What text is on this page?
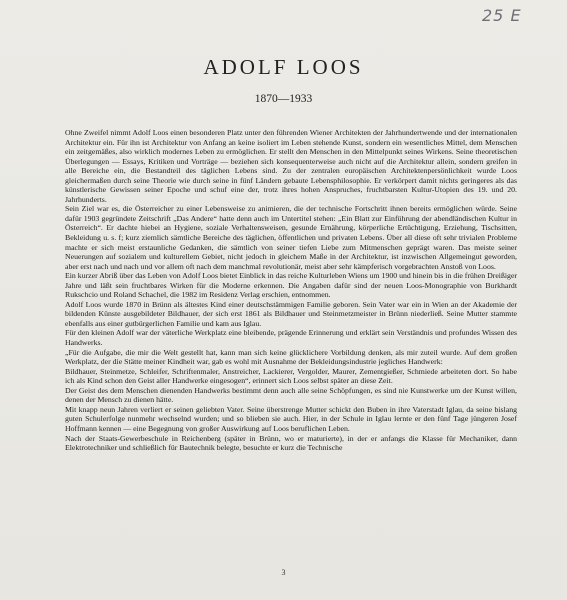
25 E
ADOLF LOOS
1870—1933

Ohne Zweifel nimmt Adolf Loos einen besonderen Platz unter den führenden Wiener Architekten der Jahrhundertwende und der internationalen Architektur ein. Für ihn ist Architektur von Anfang an keine isoliert im Leben stehende Kunst, sondern ein wesentliches Mittel, dem Menschen ein zeitgemäßes, also wirklich modernes Leben zu ermöglichen. Er stellt den Menschen in den Mittelpunkt seines Wirkens. Seine theoretischen Überlegungen — Essays, Kritiken und Vorträge — beziehen sich konsequenterweise auch nicht auf die Architektur allein, sondern greifen in alle Bereiche ein, die Bestandteil des täglichen Lebens sind. Zu der zentralen europäischen Architektenpersönlichkeit wurde Loos gleichermaßen durch seine Theorie wie durch seine in fünf Ländern gebaute Lebensphilosophie. Er verkörpert damit nichts geringeres als das künstlerische Gewissen seiner Epoche und schuf eine der, trotz ihres hohen Anspruches, fruchtbarsten Kultur-Utopien des 19. und 20. Jahrhunderts.

Sein Ziel war es, die Österreicher zu einer Lebensweise zu animieren, die der technische Fortschritt ihnen bereits ermöglichen würde. Seine dafür 1903 gegründete Zeitschrift „Das Andere“ hatte denn auch im Untertitel stehen: „Ein Blatt zur Einführung der abendländischen Kultur in Österreich“. Er dachte hiebei an Hygiene, soziale Verhaltensweisen, gesunde Ernährung, körperliche Ertüchtigung, Erziehung, Tischsitten, Bekleidung u. s. f; kurz ziemlich sämtliche Bereiche des täglichen, öffentlichen und privaten Lebens. Über all diese oft sehr trivialen Probleme machte er sich meist erstaunliche Gedanken, die sämtlich von seiner tiefen Liebe zum Mitmenschen geprägt waren. Das meiste seiner Neuerungen auf sozialem und kulturellem Gebiet, nicht jedoch in gleichem Maße in der Architektur, ist inzwischen Allgemeingut geworden, aber erst nach und nach und vor allem oft nach dem manchmal revolutionär, meist aber sehr kämpferisch vorgebrachten Anstoß von Loos.

Ein kurzer Abriß über das Leben von Adolf Loos bietet Einblick in das reiche Kulturleben Wiens um 1900 und hinein bis in die frühen Dreißiger Jahre und läßt sein fruchtbares Wirken für die Moderne erkennen. Die Angaben dafür sind der neuen Loos-Monographie von Burkhardt Rukschcio und Roland Schachel, die 1982 im Residenz Verlag erschien, entnommen.

Adolf Loos wurde 1870 in Brünn als ältestes Kind einer deutschstämmigen Familie geboren. Sein Vater war ein in Wien an der Akademie der bildenden Künste ausgebildeter Bildhauer, der sich erst 1861 als Bildhauer und Steinmetzmeister in Brünn niederließ. Seine Mutter stammte ebenfalls aus einer gutbürgerlichen Familie und kam aus Iglau.

Für den kleinen Adolf war der väterliche Werkplatz eine bleibende, prägende Erinnerung und erklärt sein Verständnis und profundes Wissen des Handwerks.

„Für die Aufgabe, die mir die Welt gestellt hat, kann man sich keine glücklichere Vorbildung denken, als mir zuteil wurde. Auf dem großen Werkplatz, der die Stätte meiner Kindheit war, gab es wohl mit Ausnahme der Bekleidungsindustrie jegliches Handwerk:

Bildhauer, Steinmetze, Schleifer, Schriftenmaler, Anstreicher, Lackierer, Vergolder, Maurer, Zementgießer, Schmiede arbeiteten dort. So habe ich als Kind schon den Geist aller Handwerke eingesogen“, erinnert sich Loos selbst später an diese Zeit.

Der Geist des dem Menschen dienenden Handwerks bestimmt denn auch alle seine Schöpfungen, es sind nie Kunstwerke um der Kunst willen, denen der Mensch zu dienen hätte.

Mit knapp neun Jahren verliert er seinen geliebten Vater. Seine überstrenge Mutter schickt den Buben in ihre Vaterstadt Iglau, da seine bislang guten Schulerfolge nunmehr wechselnd wurden; und so blieben sie auch. Hier, in der Schule in Iglau lernte er den fünf Tage jüngeren Josef Hoffmann kennen — eine Begegnung von großer Auswirkung auf Loos beruflichen Leben.

Nach der Staats-Gewerbeschule in Reichenberg (später in Brünn, wo er maturierte), in der er anfangs die Klasse für Mechaniker, dann Elektrotechniker und schließlich für Bautechnik belegte, besuchte er kurz die Technische

3
